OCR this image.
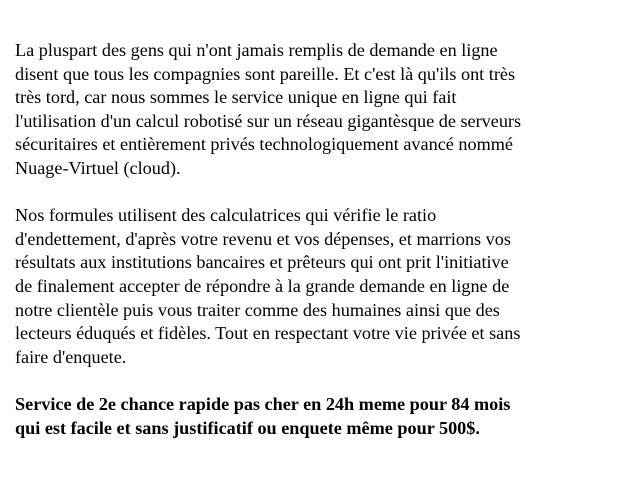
La pluspart des gens qui n'ont jamais remplis de demande en ligne
disent que tous les compagnies sont pareille. Et c'est là qu'ils ont très
très tord, car nous sommes le service unique en ligne qui fait
l'utilisation d'un calcul robotisé sur un réseau gigantèsque de serveurs
sécuritaires et entièrement privés technologiquement avancé nommé
Nuage-Virtuel (cloud).

Nos formules utilisent des calculatrices qui vérifie le ratio
d'endettement, d'après votre revenu et vos dépenses, et marrions vos
résultats aux institutions bancaires et prêteurs qui ont prit l'initiative
de finalement accepter de répondre à la grande demande en ligne de
notre clientèle puis vous traiter comme des humaines ainsi que des
lecteurs éduqués et fidèles. Tout en respectant votre vie privée et sans
faire d'enquete.

Service de 2e chance rapide pas cher en 24h meme pour 84 mois
qui est facile et sans justificatif ou enquete même pour 500$.
